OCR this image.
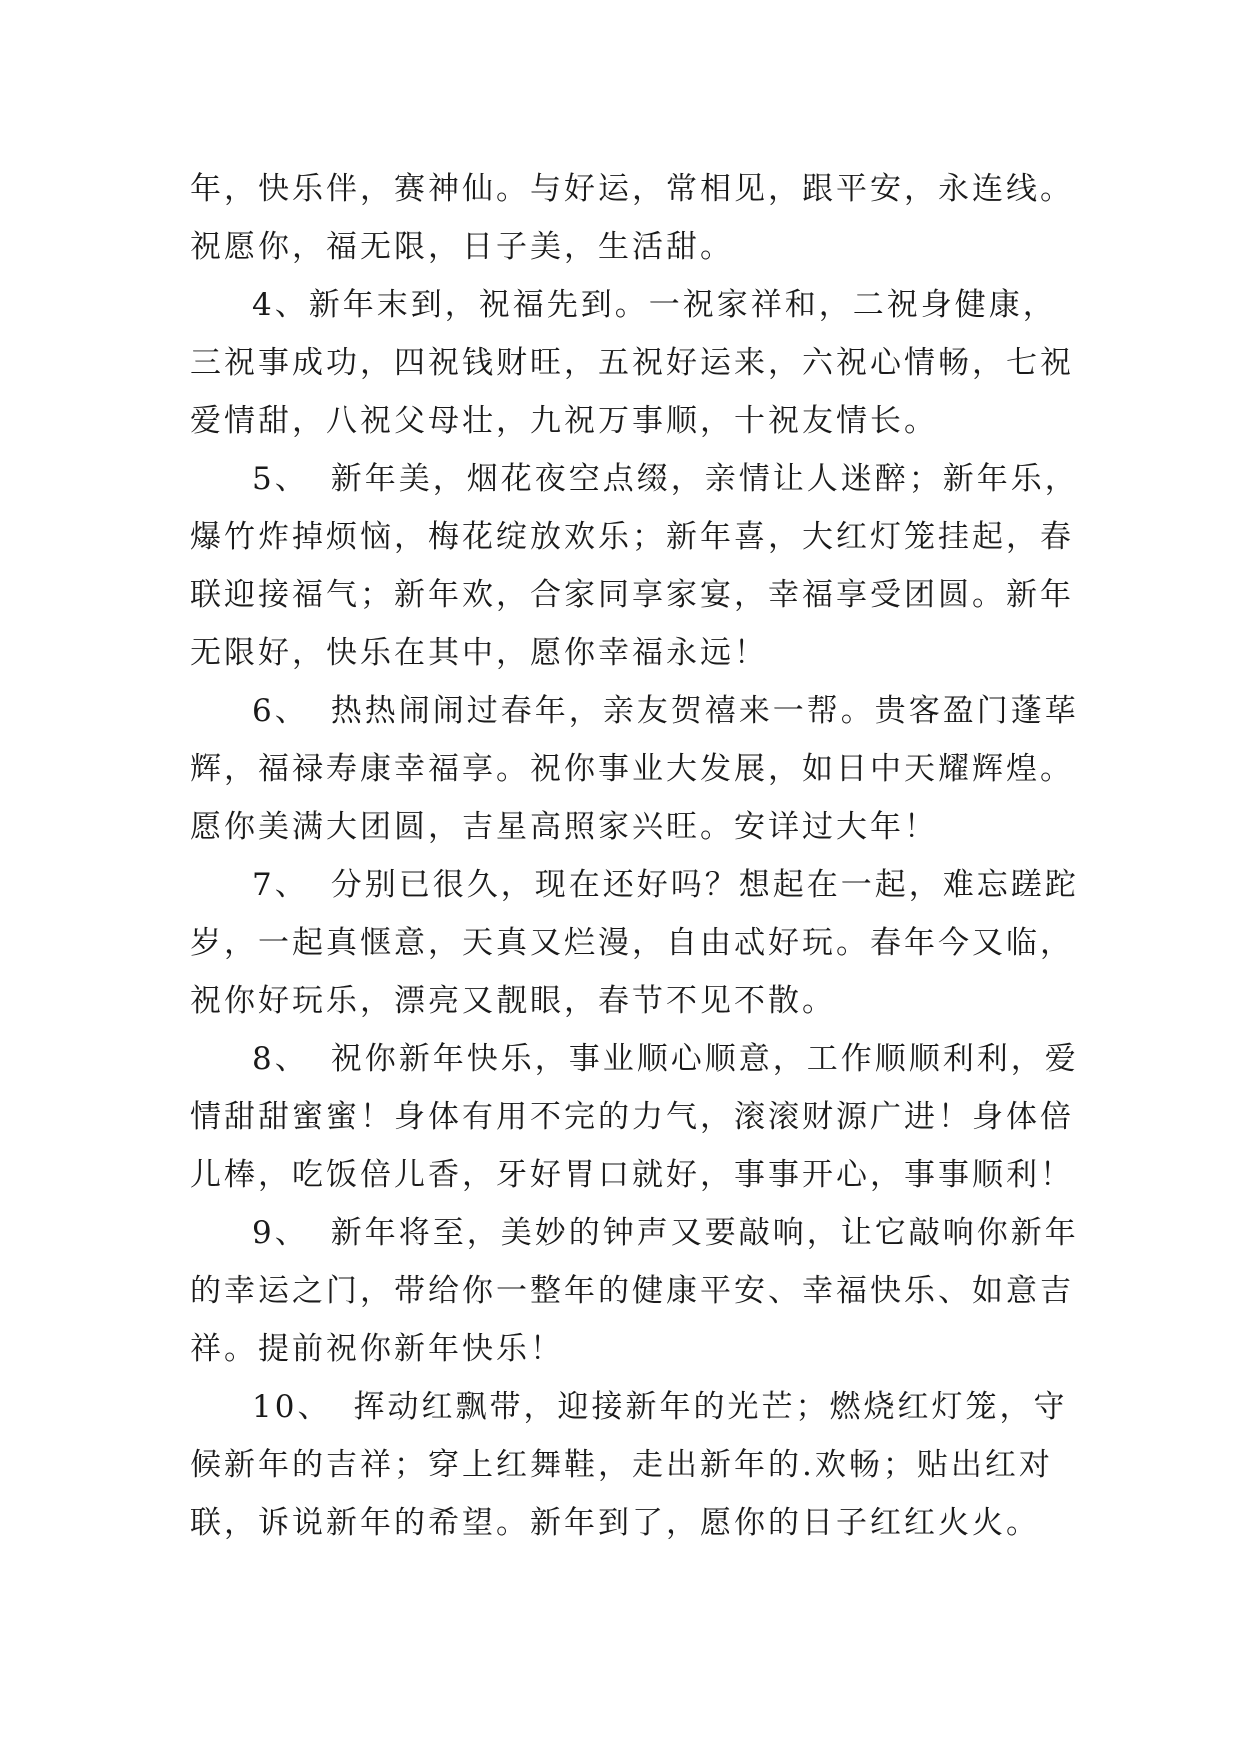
年，快乐伴，赛神仙。与好运，常相见，跟平安，永连线。
祝愿你，福无限，日子美，生活甜。
4、新年末到，祝福先到。一祝家祥和，二祝身健康，
三祝事成功，四祝钱财旺，五祝好运来，六祝心情畅，七祝
爱情甜，八祝父母壮，九祝万事顺，十祝友情长。
5、 新年美，烟花夜空点缀，亲情让人迷醉；新年乐，
爆竹炸掉烦恼，梅花绽放欢乐；新年喜，大红灯笼挂起，春
联迎接福气；新年欢，合家同享家宴，幸福享受团圆。新年
无限好，快乐在其中，愿你幸福永远！
6、 热热闹闹过春年，亲友贺禧来一帮。贵客盈门蓬荜
辉，福禄寿康幸福享。祝你事业大发展，如日中天耀辉煌。
愿你美满大团圆，吉星高照家兴旺。安详过大年！
7、 分别已很久，现在还好吗？想起在一起，难忘蹉跎
岁，一起真惬意，天真又烂漫，自由忒好玩。春年今又临，
祝你好玩乐，漂亮又靓眼，春节不见不散。
8、 祝你新年快乐，事业顺心顺意，工作顺顺利利，爱
情甜甜蜜蜜！身体有用不完的力气，滚滚财源广进！身体倍
儿棒，吃饭倍儿香，牙好胃口就好，事事开心，事事顺利！
9、 新年将至，美妙的钟声又要敲响，让它敲响你新年
的幸运之门，带给你一整年的健康平安、幸福快乐、如意吉
祥。提前祝你新年快乐！
10、 挥动红飘带，迎接新年的光芒；燃烧红灯笼，守
候新年的吉祥；穿上红舞鞋，走出新年的.欢畅；贴出红对
联，诉说新年的希望。新年到了，愿你的日子红红火火。
